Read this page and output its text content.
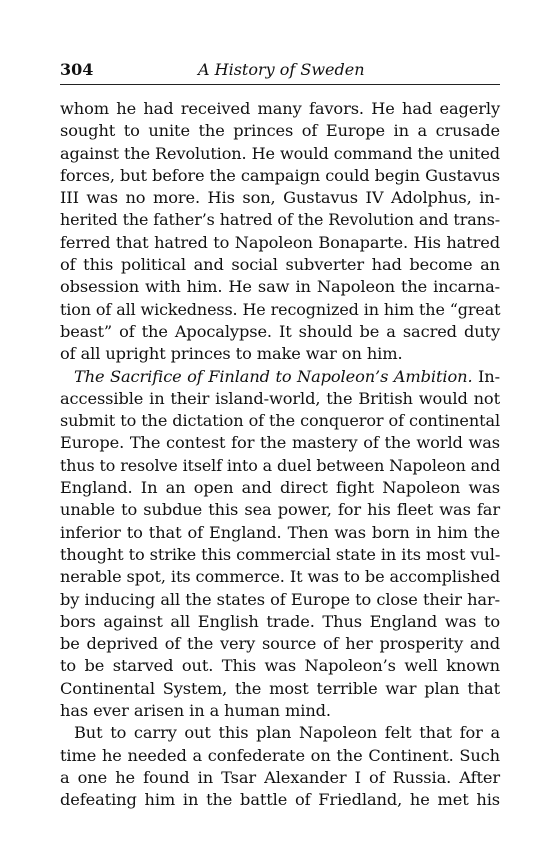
304	A History of Sweden
whom he had received many favors. He had eagerly
sought to unite the princes of Europe in a crusade
against the Revolution. He would command the united
forces, but before the campaign could begin Gustavus
III was no more. His son, Gustavus IV Adolphus, in-
herited the father’s hatred of the Revolution and trans-
ferred that hatred to Napoleon Bonaparte. His hatred
of this political and social subverter had become an
obsession with him. He saw in Napoleon the incarna-
tion of all wickedness. He recognized in him the “great
beast” of the Apocalypse. It should be a sacred duty
of all upright princes to make war on him.
The Sacrifice of Finland to Napoleon’s Ambition. In-
accessible in their island-world, the British would not
submit to the dictation of the conqueror of continental
Europe. The contest for the mastery of the world was
thus to resolve itself into a duel between Napoleon and
England. In an open and direct fight Napoleon was
unable to subdue this sea power, for his fleet was far
inferior to that of England. Then was born in him the
thought to strike this commercial state in its most vul-
nerable spot, its commerce. It was to be accomplished
by inducing all the states of Europe to close their har-
bors against all English trade. Thus England was to
be deprived of the very source of her prosperity and
to be starved out. This was Napoleon’s well known
Continental System, the most terrible war plan that
has ever arisen in a human mind.
But to carry out this plan Napoleon felt that for a
time he needed a confederate on the Continent. Such
a one he found in Tsar Alexander I of Russia. After
defeating him in the battle of Friedland, he met his
